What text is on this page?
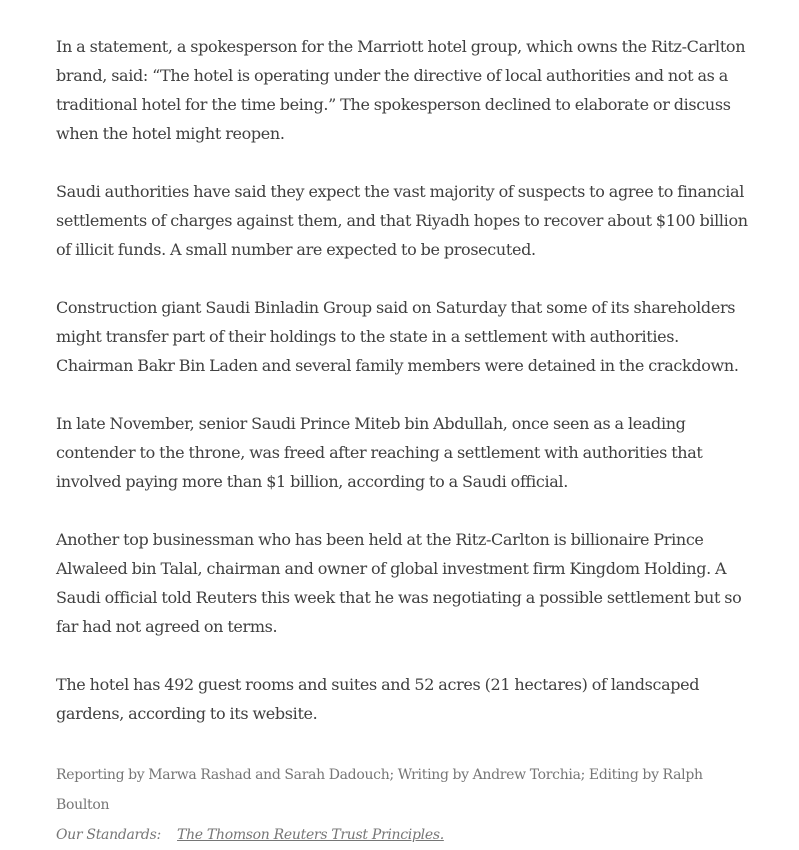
In a statement, a spokesperson for the Marriott hotel group, which owns the Ritz-Carlton brand, said: “The hotel is operating under the directive of local authorities and not as a traditional hotel for the time being.” The spokesperson declined to elaborate or discuss when the hotel might reopen.

Saudi authorities have said they expect the vast majority of suspects to agree to financial settlements of charges against them, and that Riyadh hopes to recover about $100 billion of illicit funds. A small number are expected to be prosecuted.

Construction giant Saudi Binladin Group said on Saturday that some of its shareholders might transfer part of their holdings to the state in a settlement with authorities. Chairman Bakr Bin Laden and several family members were detained in the crackdown.

In late November, senior Saudi Prince Miteb bin Abdullah, once seen as a leading contender to the throne, was freed after reaching a settlement with authorities that involved paying more than $1 billion, according to a Saudi official.

Another top businessman who has been held at the Ritz-Carlton is billionaire Prince Alwaleed bin Talal, chairman and owner of global investment firm Kingdom Holding. A Saudi official told Reuters this week that he was negotiating a possible settlement but so far had not agreed on terms.

The hotel has 492 guest rooms and suites and 52 acres (21 hectares) of landscaped gardens, according to its website.

Reporting by Marwa Rashad and Sarah Dadouch; Writing by Andrew Torchia; Editing by Ralph Boulton
Our Standards: The Thomson Reuters Trust Principles.
